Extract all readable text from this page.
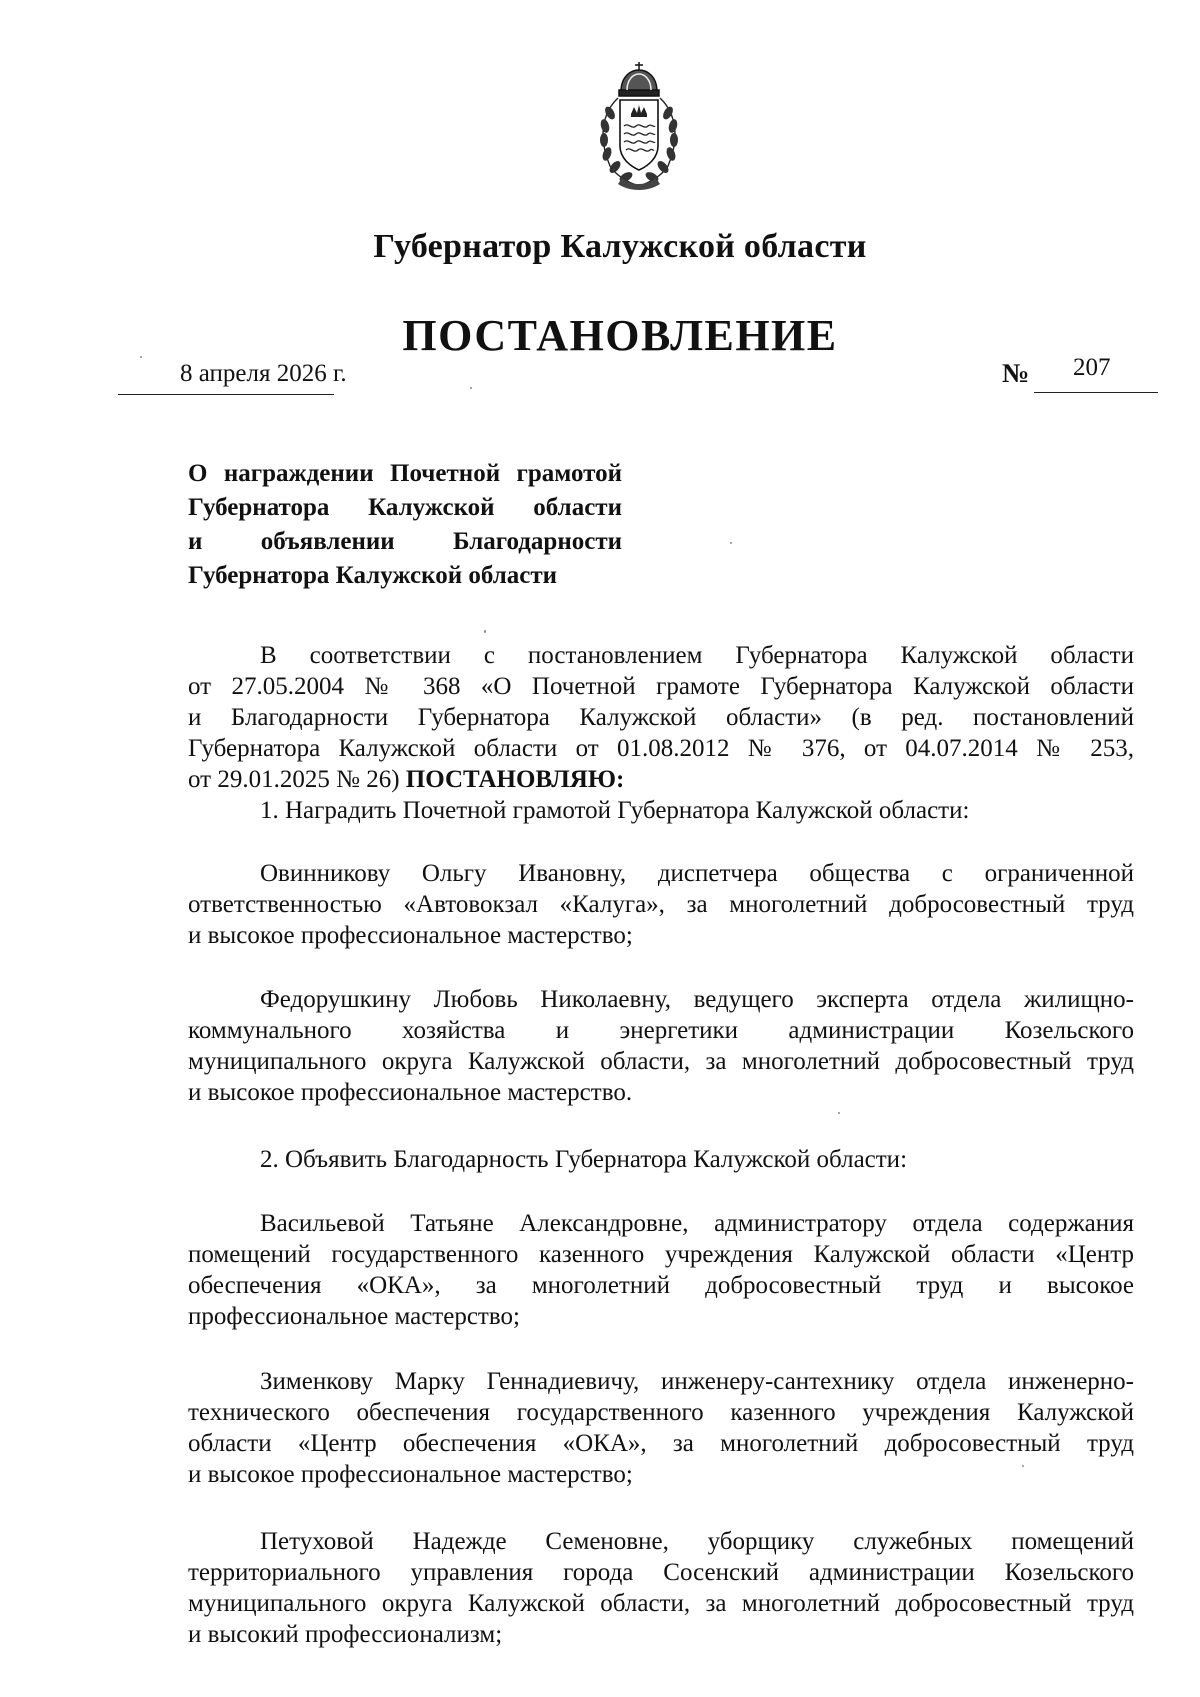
Губернатор Калужской области
ПОСТАНОВЛЕНИЕ
8 апреля 2026 г.	№ 207
О награждении Почетной грамотой
Губернатора Калужской области
и объявлении Благодарности
Губернатора Калужской области
В соответствии с постановлением Губернатора Калужской области
от 27.05.2004 № 368 «О Почетной грамоте Губернатора Калужской области
и Благодарности Губернатора Калужской области» (в ред. постановлений
Губернатора Калужской области от 01.08.2012 № 376, от 04.07.2014 № 253,
от 29.01.2025 № 26) ПОСТАНОВЛЯЮ:
1. Наградить Почетной грамотой Губернатора Калужской области:
Овинникову Ольгу Ивановну, диспетчера общества с ограниченной
ответственностью «Автовокзал «Калуга», за многолетний добросовестный труд
и высокое профессиональное мастерство;
Федорушкину Любовь Николаевну, ведущего эксперта отдела жилищно-
коммунального хозяйства и энергетики администрации Козельского
муниципального округа Калужской области, за многолетний добросовестный труд
и высокое профессиональное мастерство.
2. Объявить Благодарность Губернатора Калужской области:
Васильевой Татьяне Александровне, администратору отдела содержания
помещений государственного казенного учреждения Калужской области «Центр
обеспечения «ОКА», за многолетний добросовестный труд и высокое
профессиональное мастерство;
Зименкову Марку Геннадиевичу, инженеру-сантехнику отдела инженерно-
технического обеспечения государственного казенного учреждения Калужской
области «Центр обеспечения «ОКА», за многолетний добросовестный труд
и высокое профессиональное мастерство;
Петуховой Надежде Семеновне, уборщику служебных помещений
территориального управления города Сосенский администрации Козельского
муниципального округа Калужской области, за многолетний добросовестный труд
и высокий профессионализм;
